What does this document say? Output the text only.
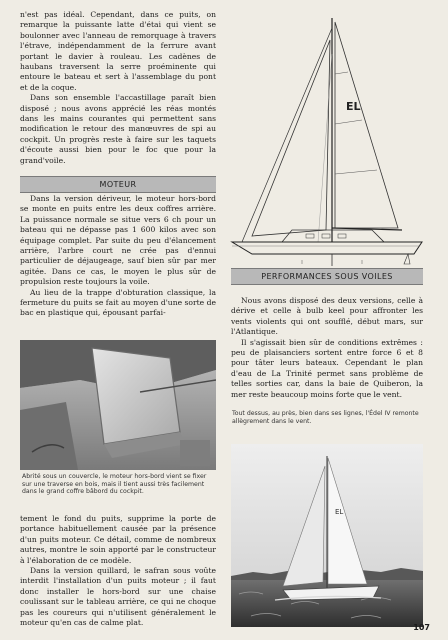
n'est pas idéal. Cependant, dans ce puits, on remarque la puissante latte d'étai qui vient se boulonner avec l'anneau de remorquage à travers l'étrave, indépendamment de la ferrure avant portant le davier à rouleau. Les cadènes de haubans traversent la serre proéminente qui entoure le bateau et sert à l'assemblage du pont et de la coque.

Dans son ensemble l'accastillage paraît bien disposé ; nous avons apprécié les réas montés dans les mains courantes qui permettent sans modification le retour des manœuvres de spi au cockpit. Un progrès reste à faire sur les taquets d'écoute aussi bien pour le foc que pour la grand'voile.

MOTEUR

Dans la version dériveur, le moteur hors-bord se monte en puits entre les deux coffres arrière. La puissance normale se situe vers 6 ch pour un bateau qui ne dépasse pas 1 600 kilos avec son équipage complet. Par suite du peu d'élancement arrière, l'arbre court ne crée pas d'ennui particulier de déjaugeage, sauf bien sûr par mer agitée. Dans ce cas, le moyen le plus sûr de propulsion reste toujours la voile.

Au lieu de la trappe d'obturation classique, la fermeture du puits se fait au moyen d'une sorte de bac en plastique qui, épousant parfai-

Abrité sous un couvercle, le moteur hors-bord vient se fixer sur une traverse en bois, mais il tient aussi très facilement dans le grand coffre bâbord du cockpit.

tement le fond du puits, supprime la porte de portance habituellement causée par la présence d'un puits moteur. Ce détail, comme de nombreux autres, montre le soin apporté par le constructeur à l'élaboration de ce modèle.

Dans la version quillard, le safran sous voûte interdit l'installation d'un puits moteur ; il faut donc installer le hors-bord sur une chaise coulissant sur le tableau arrière, ce qui ne choque pas les coureurs qui n'utilisent généralement le moteur qu'en cas de calme plat.

EL
PERFORMANCES SOUS VOILES

Nous avons disposé des deux versions, celle à dérive et celle à bulb keel pour affronter les vents violents qui ont soufflé, début mars, sur l'Atlantique.

Il s'agissait bien sûr de conditions extrêmes : peu de plaisanciers sortent entre force 6 et 8 pour tâter leurs bateaux. Cependant le plan d'eau de La Trinité permet sans problème de telles sorties car, dans la baie de Quiberon, la mer reste beaucoup moins forte que le vent.

Tout dessus, au près, bien dans ses lignes, l'Édel IV remonte allègrement dans le vent.
EL
107
